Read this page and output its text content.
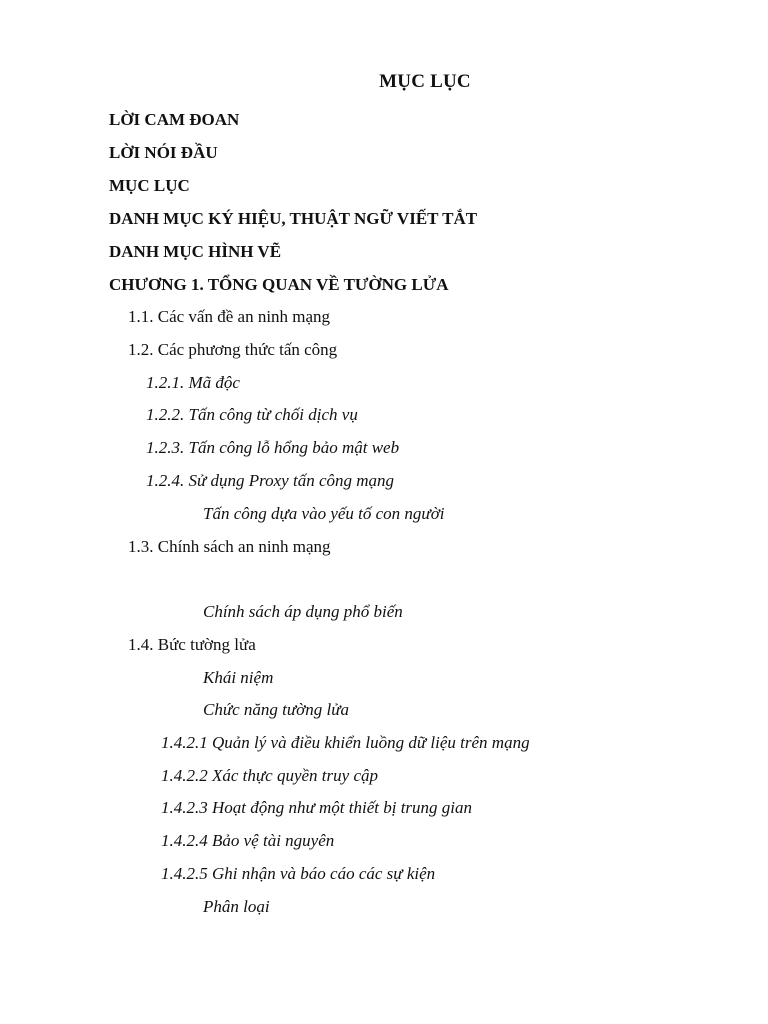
MỤC LỤC
LỜI CAM ĐOAN
LỜI NÓI ĐẦU
MỤC LỤC
DANH MỤC KÝ HIỆU, THUẬT NGỮ VIẾT TẮT
DANH MỤC HÌNH VẼ
CHƯƠNG 1. TỔNG QUAN VỀ TƯỜNG LỬA
1.1. Các vấn đề an ninh mạng
1.2. Các phương thức tấn công
1.2.1. Mã độc
1.2.2. Tấn công từ chối dịch vụ
1.2.3. Tấn công lỗ hổng bảo mật web
1.2.4. Sử dụng Proxy tấn công mạng
Tấn công dựa vào yếu tố con người
1.3. Chính sách an ninh mạng
Chính sách áp dụng phổ biến
1.4. Bức tường lửa
Khái niệm
Chức năng tường lửa
1.4.2.1 Quản lý và điều khiển luồng dữ liệu trên mạng
1.4.2.2 Xác thực quyền truy cập
1.4.2.3 Hoạt động như một thiết bị trung gian
1.4.2.4 Bảo vệ tài nguyên
1.4.2.5 Ghi nhận và báo cáo các sự kiện
Phân loại
